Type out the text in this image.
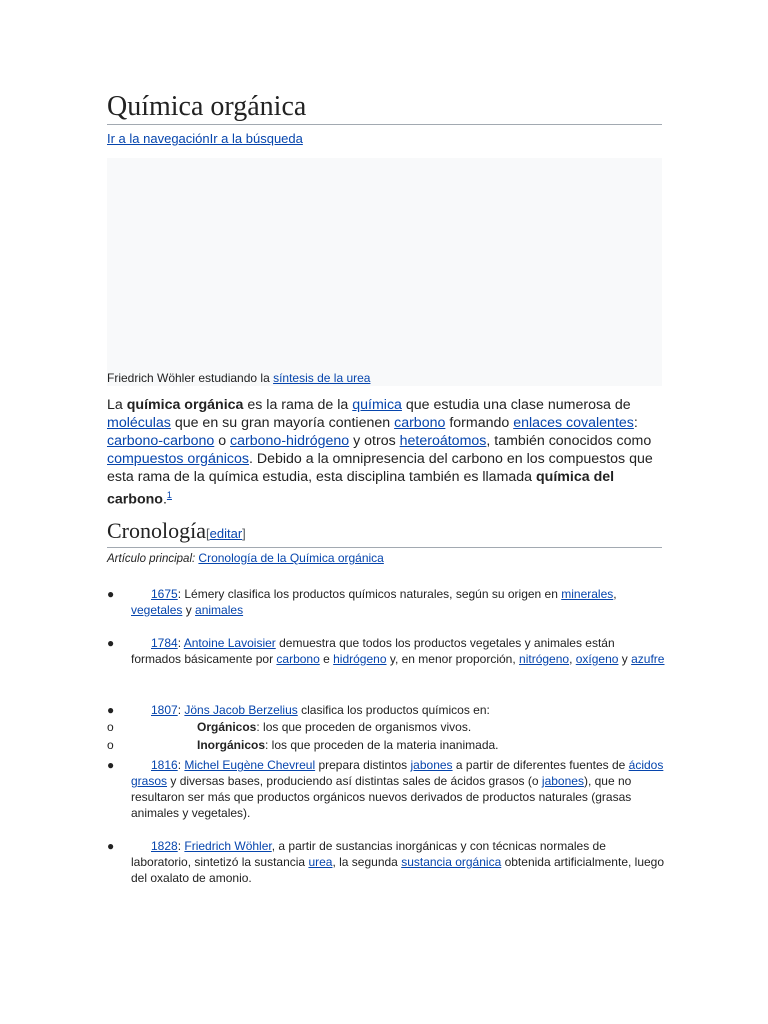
Química orgánica
Ir a la navegaciónIr a la búsqueda
Friedrich Wöhler estudiando la síntesis de la urea

La química orgánica es la rama de la química que estudia una clase numerosa de moléculas que en su gran mayoría contienen carbono formando enlaces covalentes: carbono-carbono o carbono-hidrógeno y otros heteroátomos, también conocidos como compuestos orgánicos. Debido a la omnipresencia del carbono en los compuestos que esta rama de la química estudia, esta disciplina también es llamada química del carbono.$^1$

Cronología[editar]
Artículo principal: Cronología de la Química orgánica
●	1675: Lémery clasifica los productos químicos naturales, según su origen en minerales, vegetales y animales
●	1784: Antoine Lavoisier demuestra que todos los productos vegetales y animales están formados básicamente por carbono e hidrógeno y, en menor proporción, nitrógeno, oxígeno y azufre
●	1807: Jöns Jacob Berzelius clasifica los productos químicos en:
o	Orgánicos: los que proceden de organismos vivos.
o	Inorgánicos: los que proceden de la materia inanimada.
●	1816: Michel Eugène Chevreul prepara distintos jabones a partir de diferentes fuentes de ácidos grasos y diversas bases, produciendo así distintas sales de ácidos grasos (o jabones), que no resultaron ser más que productos orgánicos nuevos derivados de productos naturales (grasas animales y vegetales).
●	1828: Friedrich Wöhler, a partir de sustancias inorgánicas y con técnicas normales de laboratorio, sintetizó la sustancia urea, la segunda sustancia orgánica obtenida artificialmente, luego del oxalato de amonio.
